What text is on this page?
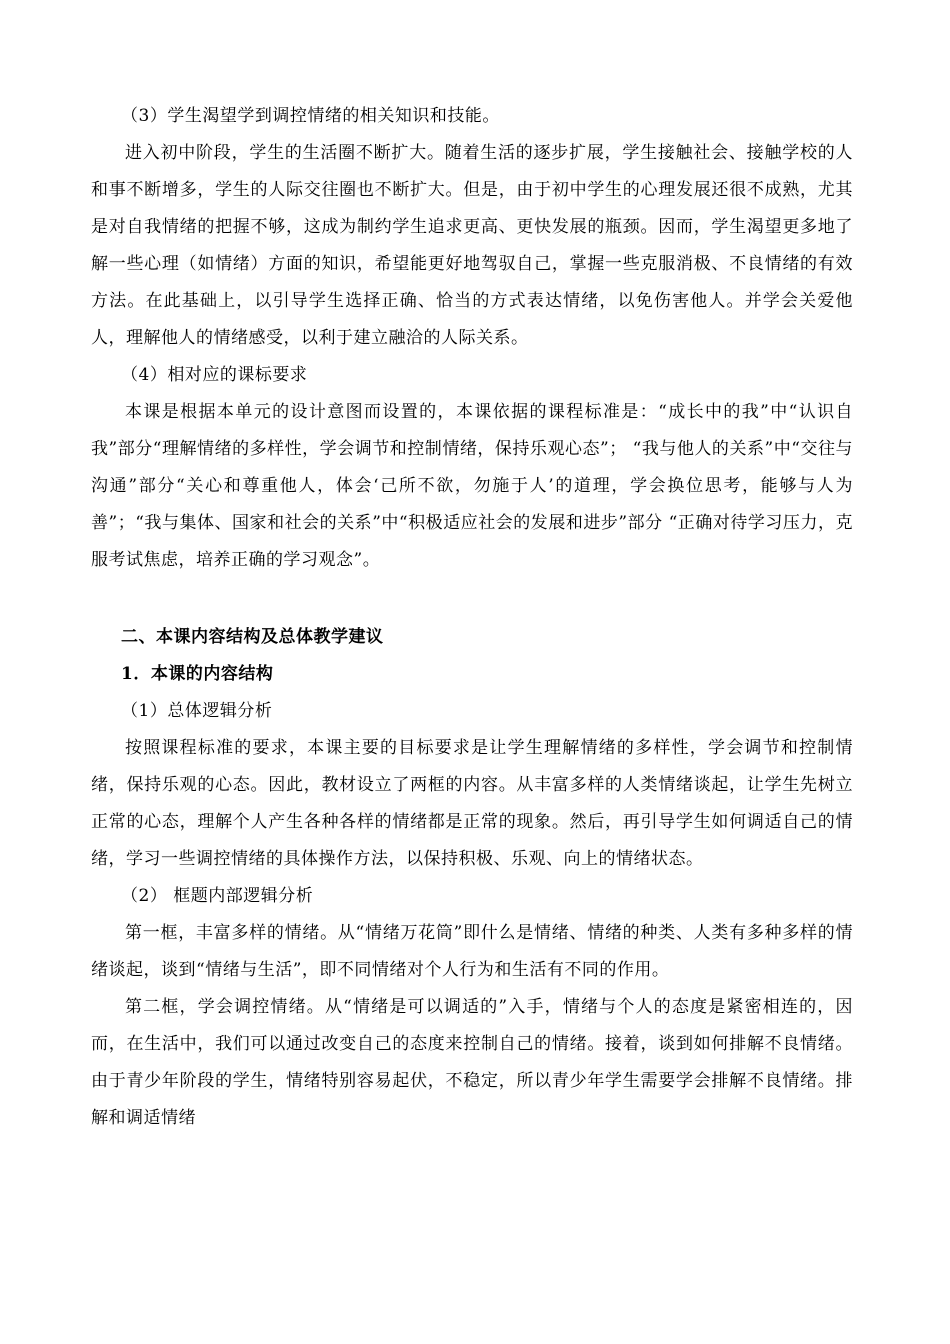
（3）学生渴望学到调控情绪的相关知识和技能。

进入初中阶段，学生的生活圈不断扩大。随着生活的逐步扩展，学生接触社会、接触学校的人和事不断增多，学生的人际交往圈也不断扩大。但是，由于初中学生的心理发展还很不成熟，尤其是对自我情绪的把握不够，这成为制约学生追求更高、更快发展的瓶颈。因而，学生渴望更多地了解一些心理（如情绪）方面的知识，希望能更好地驾驭自己，掌握一些克服消极、不良情绪的有效方法。在此基础上，以引导学生选择正确、恰当的方式表达情绪，以免伤害他人。并学会关爱他人，理解他人的情绪感受，以利于建立融洽的人际关系。

（4）相对应的课标要求

本课是根据本单元的设计意图而设置的，本课依据的课程标准是：“成长中的我”中“认识自我”部分“理解情绪的多样性，学会调节和控制情绪，保持乐观心态”； “我与他人的关系”中“交往与沟通”部分“关心和尊重他人，体会‘己所不欲，勿施于人’的道理，学会换位思考，能够与人为善”；“我与集体、国家和社会的关系”中“积极适应社会的发展和进步”部分 “正确对待学习压力，克服考试焦虑，培养正确的学习观念”。

二、本课内容结构及总体教学建议

1．本课的内容结构

（1）总体逻辑分析

按照课程标准的要求，本课主要的目标要求是让学生理解情绪的多样性，学会调节和控制情绪，保持乐观的心态。因此，教材设立了两框的内容。从丰富多样的人类情绪谈起，让学生先树立正常的心态，理解个人产生各种各样的情绪都是正常的现象。然后，再引导学生如何调适自己的情绪，学习一些调控情绪的具体操作方法，以保持积极、乐观、向上的情绪状态。

（2） 框题内部逻辑分析

第一框，丰富多样的情绪。从“情绪万花筒”即什么是情绪、情绪的种类、人类有多种多样的情绪谈起，谈到“情绪与生活”，即不同情绪对个人行为和生活有不同的作用。

第二框，学会调控情绪。从“情绪是可以调适的”入手，情绪与个人的态度是紧密相连的，因而，在生活中，我们可以通过改变自己的态度来控制自己的情绪。接着，谈到如何排解不良情绪。由于青少年阶段的学生，情绪特别容易起伏，不稳定，所以青少年学生需要学会排解不良情绪。排解和调适情绪
